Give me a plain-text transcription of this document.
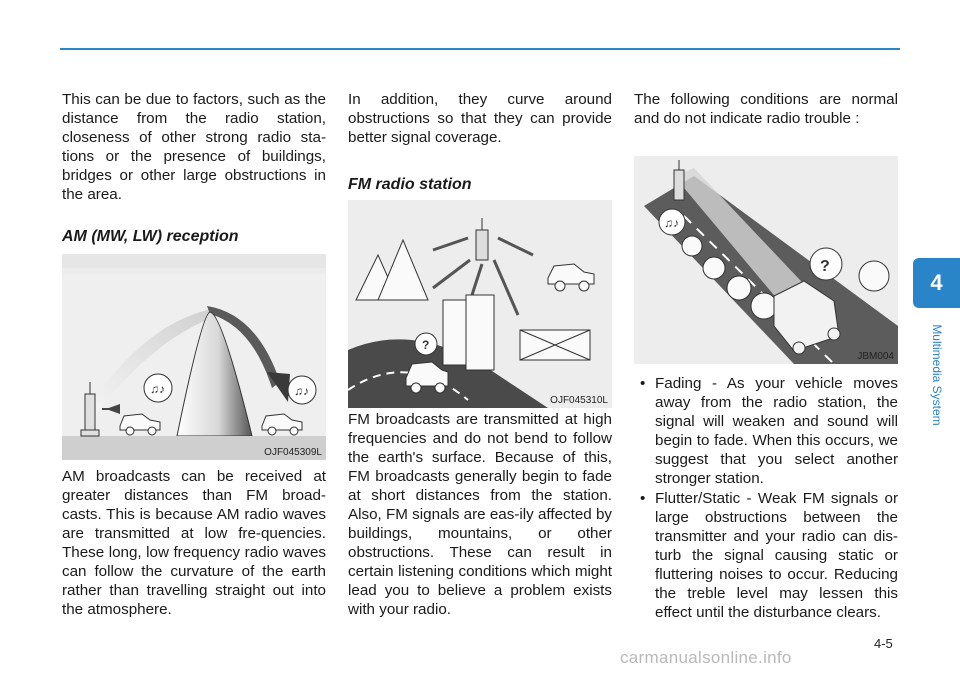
This can be due to factors, such as the distance from the radio station, closeness of other strong radio sta-tions or the presence of buildings, bridges or other large obstructions in the area.

AM (MW, LW) reception
♫♪	♫♪
OJF045309L

AM broadcasts can be received at greater distances than FM broad-casts. This is because AM radio waves are transmitted at low fre-quencies. These long, low frequency radio waves can follow the curvature of the earth rather than travelling straight out into the atmosphere.

In addition, they curve around obstructions so that they can provide better signal coverage.

FM radio station
?
OJF045310L

FM broadcasts are transmitted at high frequencies and do not bend to follow the earth's surface. Because of this, FM broadcasts generally begin to fade at short distances from the station. Also, FM signals are eas-ily affected by buildings, mountains, or other obstructions. These can result in certain listening conditions which might lead you to believe a problem exists with your radio.

The following conditions are normal and do not indicate radio trouble :

♫♪
?
JBM004
• Fading - As your vehicle moves away from the radio station, the signal will weaken and sound will begin to fade. When this occurs, we suggest that you select another stronger station.
• Flutter/Static - Weak FM signals or large obstructions between the transmitter and your radio can dis-turb the signal causing static or fluttering noises to occur. Reducing the treble level may lessen this effect until the disturbance clears.
4
Multimedia System
4-5
carmanualsonline.info
